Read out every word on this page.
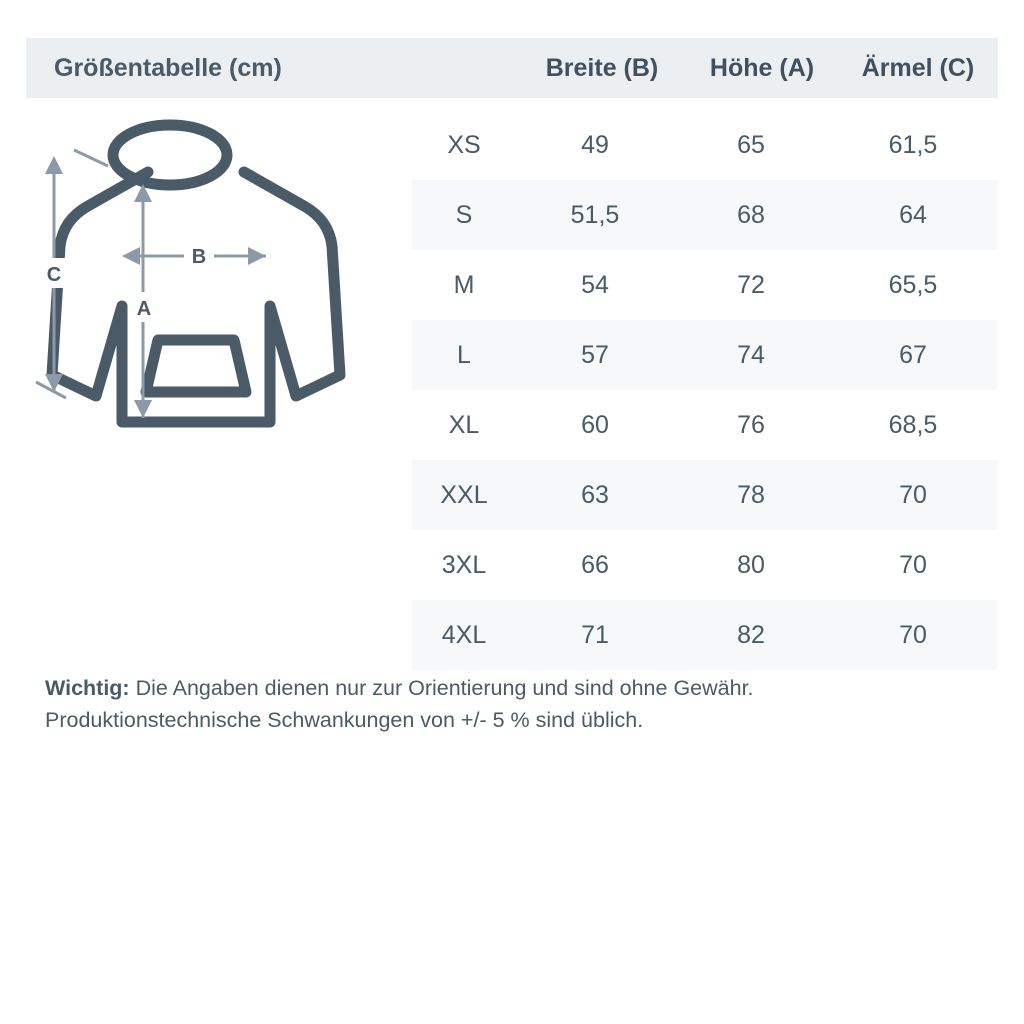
Größentabelle (cm)	Breite (B)	Höhe (A)	Ärmel (C)
XS	49	65	61,5
S	51,5	68	64
M	54	72	65,5
L	57	74	67
XL	60	76	68,5
XXL	63	78	70
3XL	66	80	70
4XL	71	82	70
Wichtig: Die Angaben dienen nur zur Orientierung und sind ohne Gewähr.
Produktionstechnische Schwankungen von +/- 5 % sind üblich.
B
A
C
